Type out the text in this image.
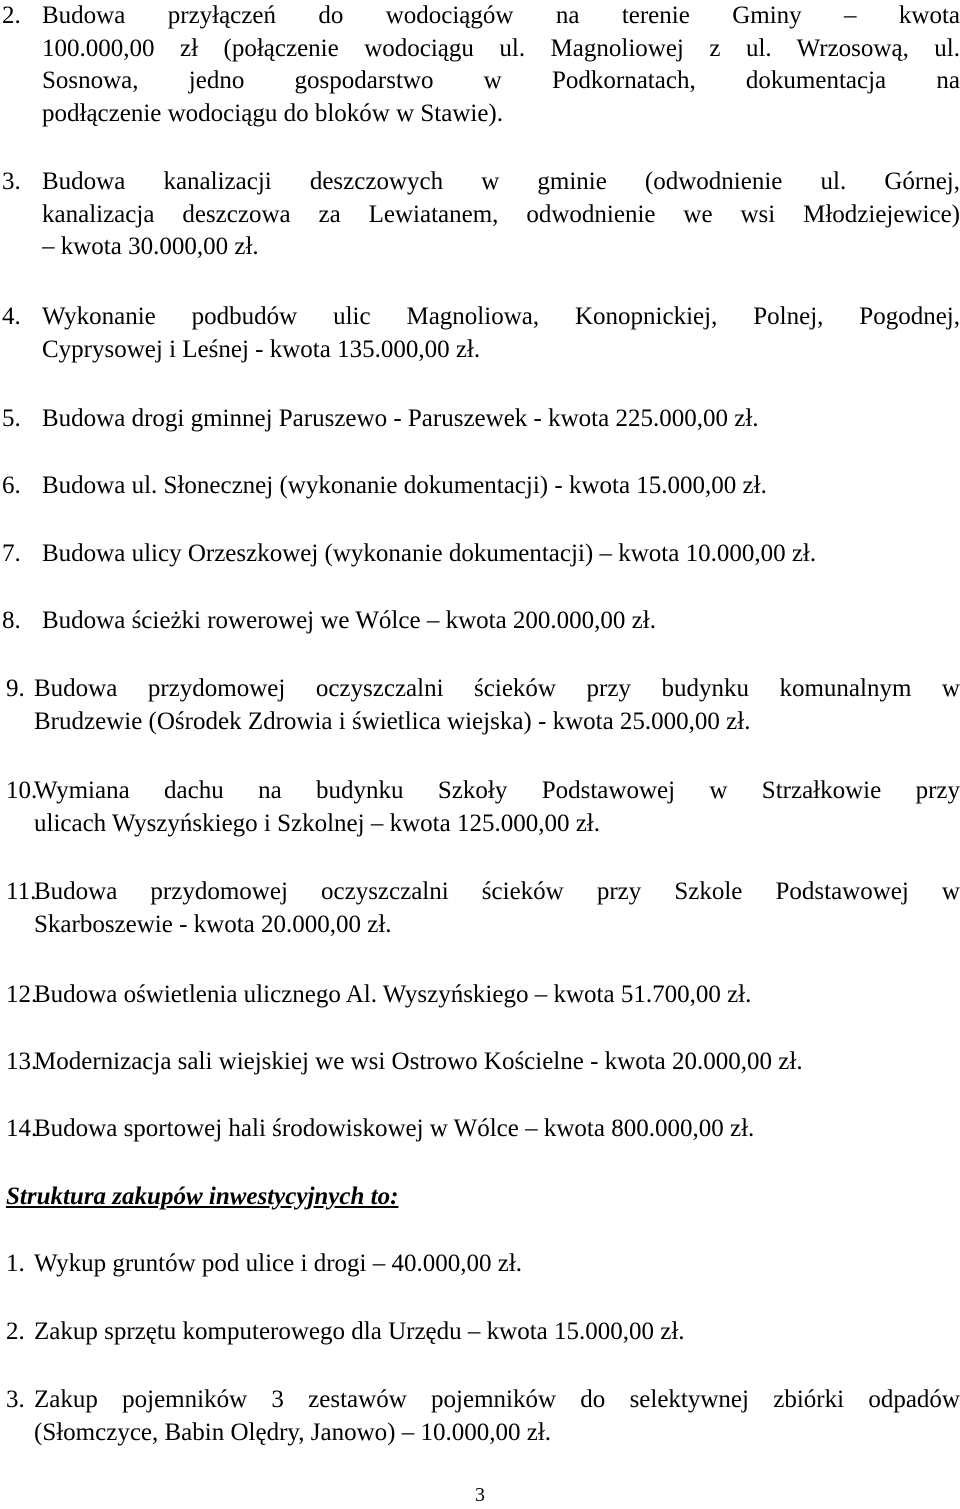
2. Budowa przyłączeń do wodociągów na terenie Gminy – kwota
100.000,00 zł (połączenie wodociągu ul. Magnoliowej z ul. Wrzosową, ul.
Sosnowa, jedno gospodarstwo w Podkornatach, dokumentacja na
podłączenie wodociągu do bloków w Stawie).
3. Budowa kanalizacji deszczowych w gminie (odwodnienie ul. Górnej,
kanalizacja deszczowa za Lewiatanem, odwodnienie we wsi Młodziejewice)
– kwota 30.000,00 zł.
4. Wykonanie podbudów ulic Magnoliowa, Konopnickiej, Polnej, Pogodnej,
Cyprysowej i Leśnej - kwota 135.000,00 zł.
5. Budowa drogi gminnej Paruszewo - Paruszewek - kwota 225.000,00 zł.
6. Budowa ul. Słonecznej (wykonanie dokumentacji) - kwota 15.000,00 zł.
7. Budowa ulicy Orzeszkowej (wykonanie dokumentacji) – kwota 10.000,00 zł.
8. Budowa ścieżki rowerowej we Wólce – kwota 200.000,00 zł.
9. Budowa przydomowej oczyszczalni ścieków przy budynku komunalnym w
Brudzewie (Ośrodek Zdrowia i świetlica wiejska) - kwota 25.000,00 zł.
10.
Wymiana dachu na budynku Szkoły Podstawowej w Strzałkowie przy
ulicach Wyszyńskiego i Szkolnej – kwota 125.000,00 zł.
11.
Budowa przydomowej oczyszczalni ścieków przy Szkole Podstawowej w
Skarboszewie - kwota 20.000,00 zł.
12.
Budowa oświetlenia ulicznego Al. Wyszyńskiego – kwota 51.700,00 zł.
13.
Modernizacja sali wiejskiej we wsi Ostrowo Kościelne - kwota 20.000,00 zł.
14.
Budowa sportowej hali środowiskowej w Wólce – kwota 800.000,00 zł.
Struktura zakupów inwestycyjnych to:
1. Wykup gruntów pod ulice i drogi – 40.000,00 zł.
2. Zakup sprzętu komputerowego dla Urzędu – kwota 15.000,00 zł.
3. Zakup pojemników 3 zestawów pojemników do selektywnej zbiórki odpadów
(Słomczyce, Babin Olędry, Janowo) – 10.000,00 zł.
3
